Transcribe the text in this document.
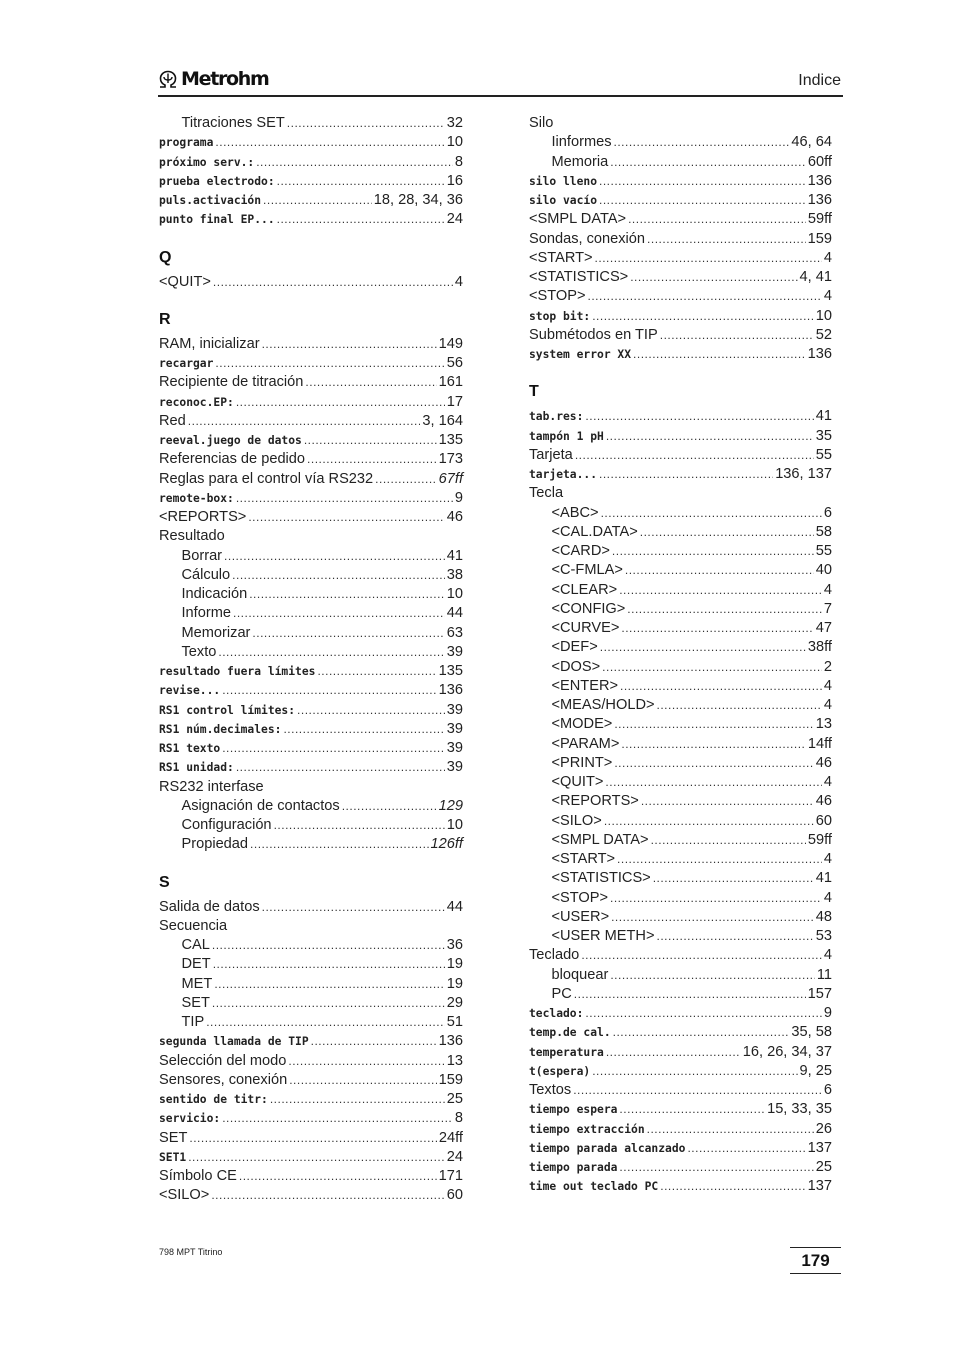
Metrohm	Indice
Titraciones SET .....	32
programa .....	10
próximo serv.: .....	8
prueba electrodo: .....	16
puls.activación .....	18, 28, 34, 36
punto final EP... .....	24
Q
<QUIT> .....	4
R
RAM, inicializar .....	149
recargar .....	56
Recipiente de titración .....	161
reconoc.EP: .....	17
Red .....	3, 164
reeval.juego de datos .....	135
Referencias de pedido .....	173
Reglas para el control vía RS232 .....	67ff
remote-box: .....	9
<REPORTS> .....	46
Resultado
Borrar .....	41
Cálculo .....	38
Indicación .....	10
Informe .....	44
Memorizar .....	63
Texto .....	39
resultado fuera límites .....	135
revise... .....	136
RS1 control límites: .....	39
RS1 núm.decimales: .....	39
RS1 texto .....	39
RS1 unidad: .....	39
RS232 interfase
Asignación de contactos .....	129
Configuración .....	10
Propiedad .....	126ff
S
Salida de datos .....	44
Secuencia
CAL .....	36
DET .....	19
MET .....	19
SET .....	29
TIP .....	51
segunda llamada de TIP .....	136
Selección del modo .....	13
Sensores, conexión .....	159
sentido de titr: .....	25
servicio: .....	8
SET .....	24ff
SET1 .....	24
Símbolo CE .....	171
<SILO> .....	60
Silo
Iinformes .....	46, 64
Memoria .....	60ff
silo lleno .....	136
silo vacío .....	136
<SMPL DATA> .....	59ff
Sondas, conexión .....	159
<START> .....	4
<STATISTICS> .....	4, 41
<STOP> .....	4
stop bit: .....	10
Submétodos en TIP .....	52
system error XX .....	136
T
tab.res: .....	41
tampón 1 pH .....	35
Tarjeta .....	55
tarjeta... .....	136, 137
Tecla
<ABC> .....	6
<CAL.DATA> .....	58
<CARD> .....	55
<C-FMLA> .....	40
<CLEAR> .....	4
<CONFIG> .....	7
<CURVE> .....	47
<DEF> .....	38ff
<DOS> .....	2
<ENTER> .....	4
<MEAS/HOLD> .....	4
<MODE> .....	13
<PARAM> .....	14ff
<PRINT> .....	46
<QUIT> .....	4
<REPORTS> .....	46
<SILO> .....	60
<SMPL DATA> .....	59ff
<START> .....	4
<STATISTICS> .....	41
<STOP> .....	4
<USER> .....	48
<USER METH> .....	53
Teclado .....	4
bloquear .....	11
PC .....	157
teclado: .....	9
temp.de cal. .....	35, 58
temperatura .....	16, 26, 34, 37
t(espera) .....	9, 25
Textos .....	6
tiempo espera .....	15, 33, 35
tiempo extracción .....	26
tiempo parada alcanzado .....	137
tiempo parada .....	25
time out teclado PC .....	137
798 MPT Titrino	179
